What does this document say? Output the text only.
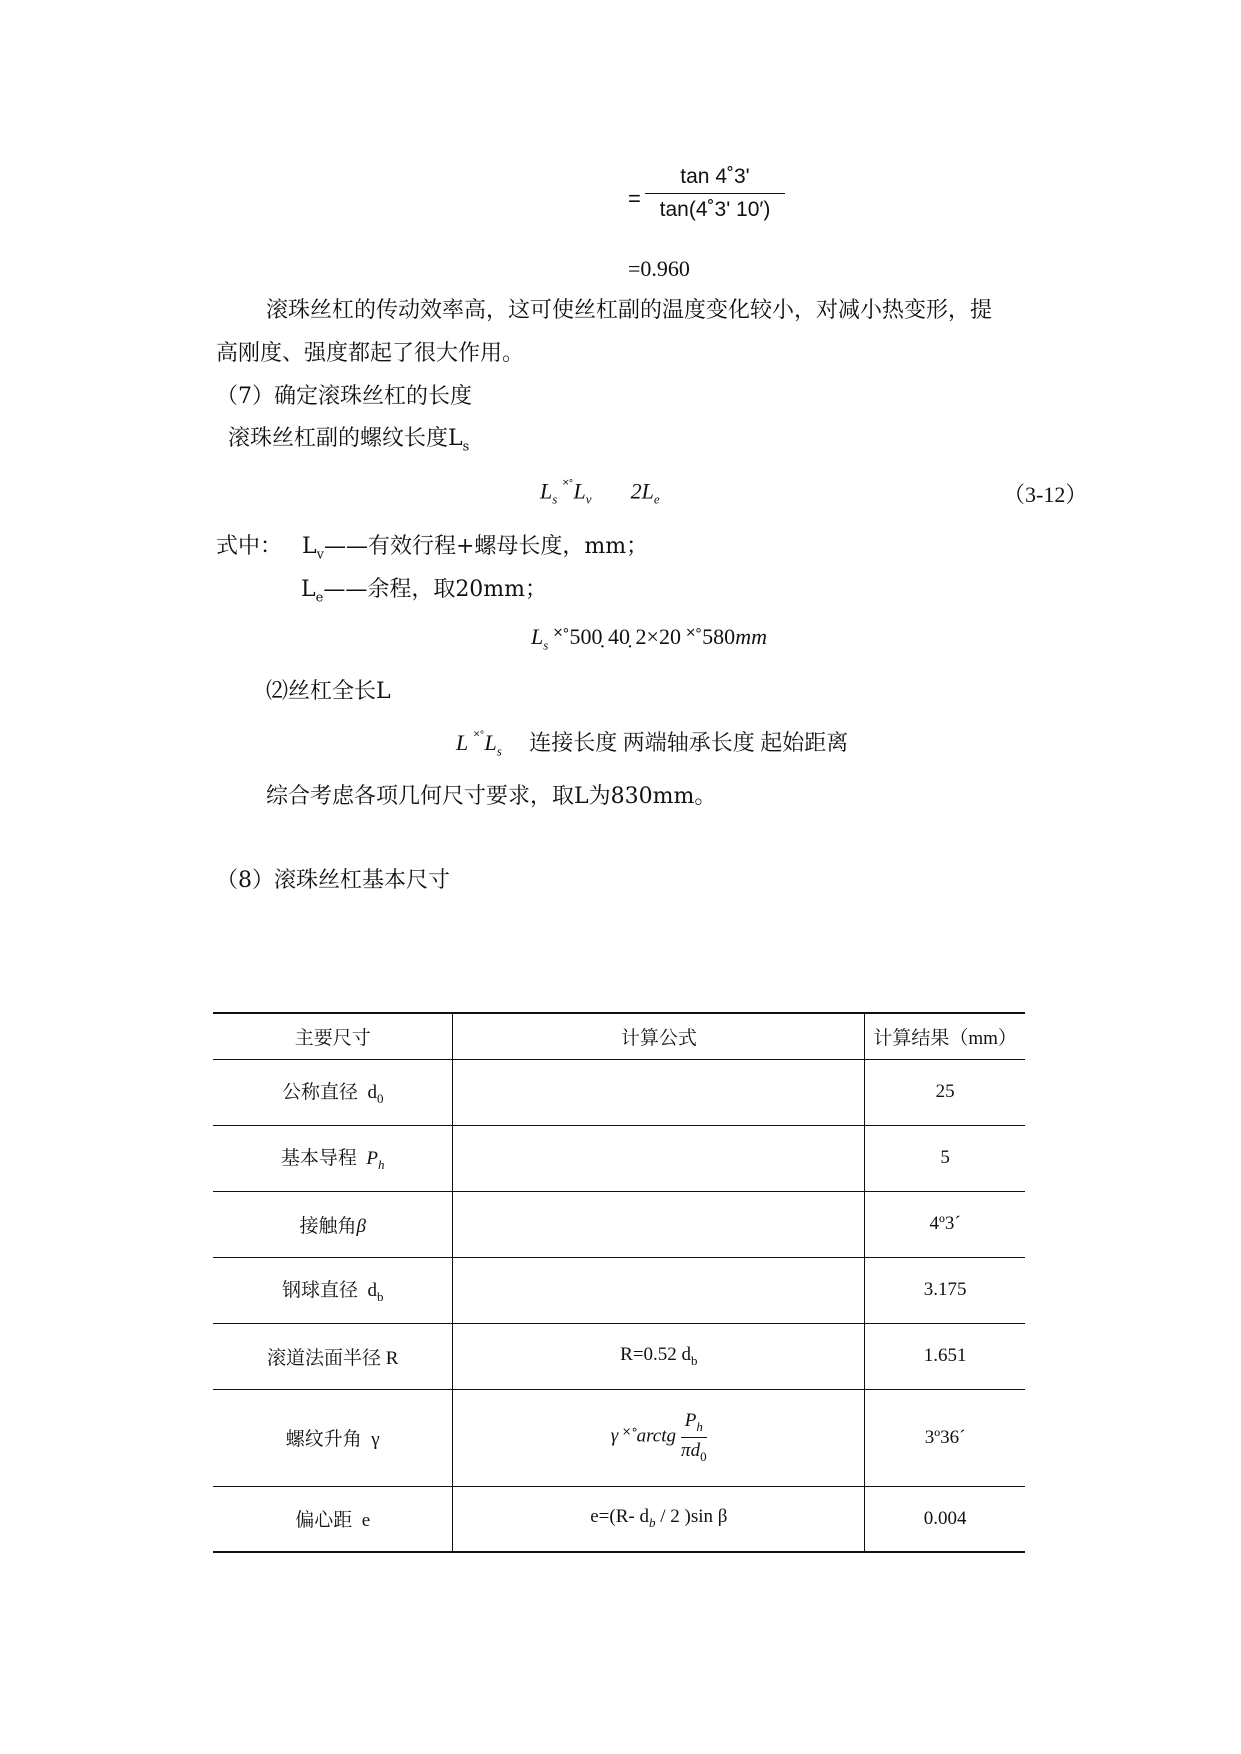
= $\frac{\tan 4˚3'}{\tan(4˚3' 10')}$
=0.960
滚珠丝杠的传动效率高，这可使丝杠副的温度变化较小，对减小热变形，提
高刚度、强度都起了很大作用。
（7）确定滚珠丝杠的长度
滚珠丝杠副的螺纹长度$L_s$
$L_s$ $^{˟˚}L_v$ $2L_e$	（3-12）
式中： $L_v——$有效行程+螺母长度，mm；
$L_e——$余程，取20mm；
$L_s$ ˟˚500̣ 40̣ 2×20 ˟˚580mm
⑵丝杠全长L
L $^{˟˚}L_s$ 连接长度 两端轴承长度 起始距离
综合考虑各项几何尺寸要求，取L为830mm。
（8）滚珠丝杠基本尺寸
主要尺寸	计算公式	计算结果（mm）
公称直径 $d_0$		25
基本导程 $P_h$		5
接触角β		4º3ˊ
钢球直径 $d_b$		3.175
滚道法面半径 R	R=0.52 $d_b$	1.651
螺纹升角 γ	γ ˟˚arctg $\frac{P_h}{\pi d_0}$	3º36ˊ
偏心距 e	e=(R- $d_b / 2$ )sin β	0.004
